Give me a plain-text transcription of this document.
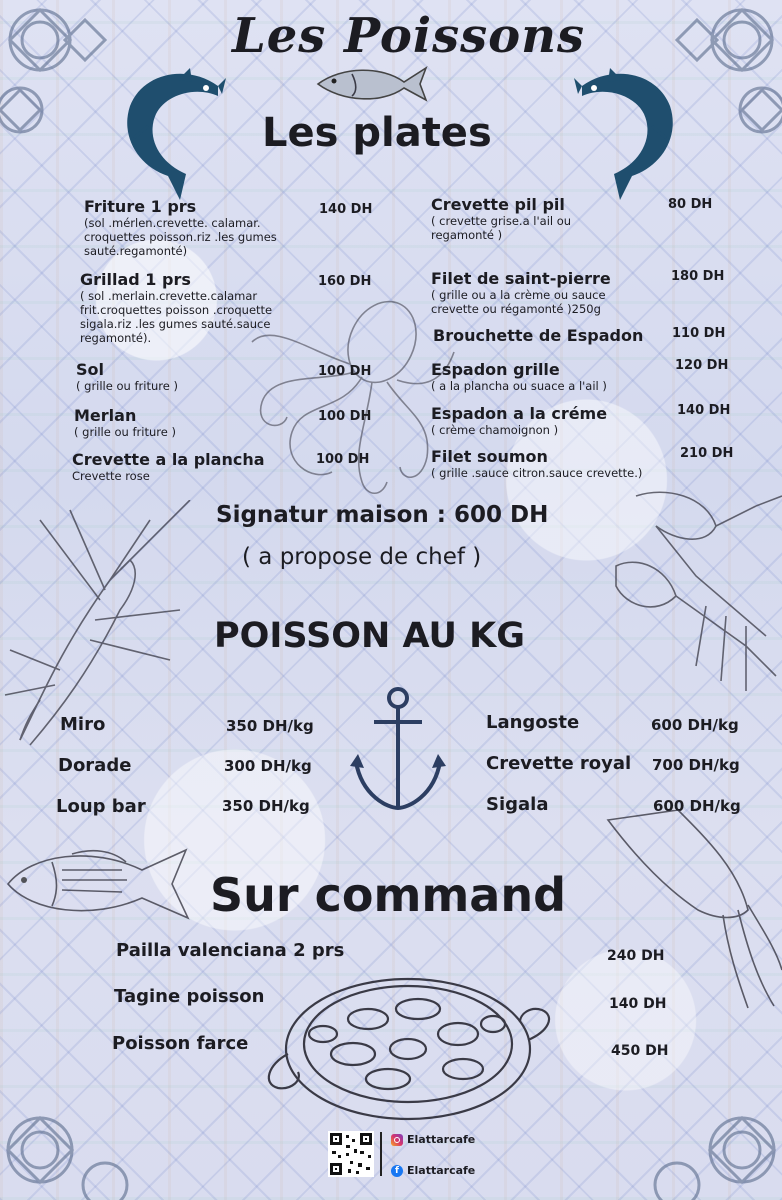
Les Poissons
Les plates
Friture 1 prs
(sol .mérlen.crevette. calamar.
croquettes poisson.riz .les gumes
sauté.regamonté)
140 DH
Grillad 1 prs
( sol .merlain.crevette.calamar
frit.croquettes poisson .croquette
sigala.riz .les gumes sauté.sauce
regamonté).
160 DH
Sol
( grille ou friture )
100 DH
Merlan
( grille ou friture )
100 DH
Crevette a la plancha
Crevette rose
100 DH
Crevette pil pil
( crevette grise.a l'ail ou
regamonté )
80 DH
Filet de saint-pierre
( grille ou a la crème ou sauce
crevette ou régamonté )250g
180 DH
Brouchette de Espadon	110 DH
Espadon grille
( a la plancha ou suace a l'ail )
120 DH
Espadon a la créme
( crème chamoignon )
140 DH
Filet soumon
( grille .sauce citron.sauce crevette.)
210 DH
Signatur maison : 600 DH
( a propose de chef )
POISSON AU KG
Miro	350 DH/kg
Dorade	300 DH/kg
Loup bar	350 DH/kg
Langoste	600 DH/kg
Crevette royal 700 DH/kg
Sigala	600 DH/kg
Sur command
Pailla valenciana 2 prs	240 DH
Tagine poisson	140 DH
Poisson farce	450 DH
Elattarcafe
f Elattarcafe
